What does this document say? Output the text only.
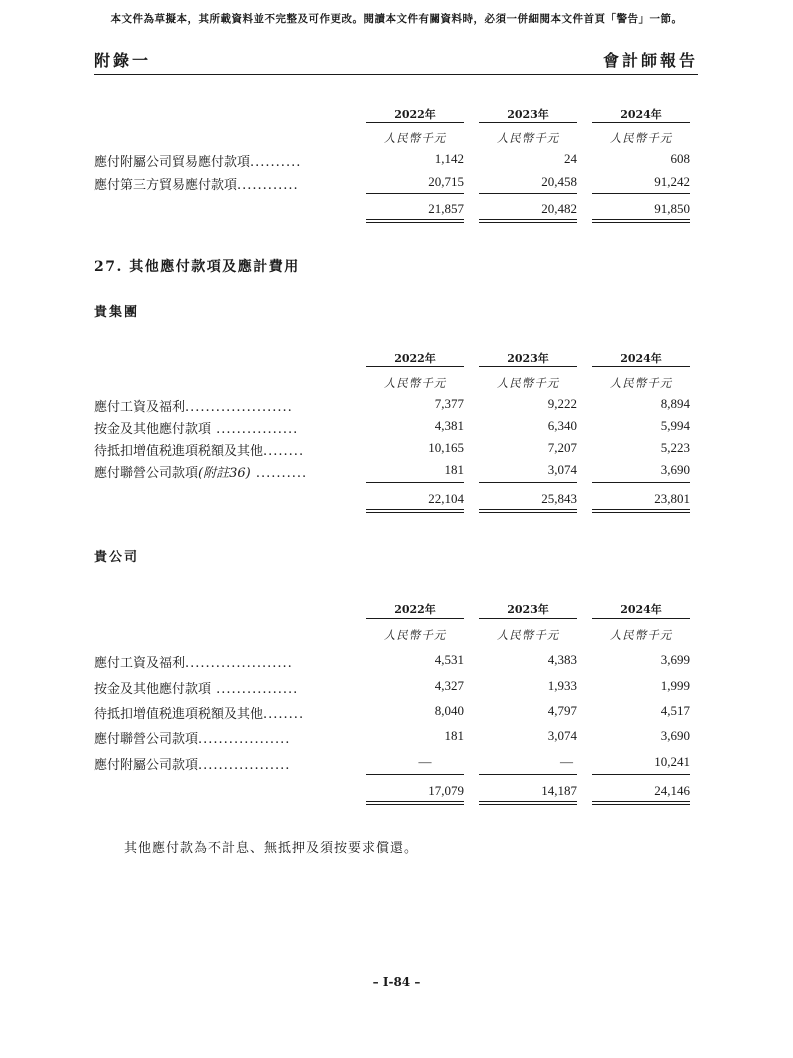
本文件為草擬本，其所載資料並不完整及可作更改。閱讀本文件有關資料時，必須一併細閱本文件首頁「警告」一節。
附錄一	會計師報告
2022年	2023年	2024年
人民幣千元	人民幣千元	人民幣千元
應付附屬公司貿易應付款項..........	1,142	24	608
應付第三方貿易應付款項............	20,715	20,458	91,242
21,857	20,482	91,850
27. 其他應付款項及應計費用
貴集團
2022年	2023年	2024年
人民幣千元	人民幣千元	人民幣千元
應付工資及福利.....................	7,377	9,222	8,894
按金及其他應付款項 ................	4,381	6,340	5,994
待抵扣增值税進項税額及其他........	10,165	7,207	5,223
應付聯營公司款項(附註36) ..........	181	3,074	3,690
22,104	25,843	23,801
貴公司
2022年	2023年	2024年
人民幣千元	人民幣千元	人民幣千元
應付工資及福利.....................	4,531	4,383	3,699
按金及其他應付款項 ................	4,327	1,933	1,999
待抵扣增值税進項税額及其他........	8,040	4,797	4,517
應付聯營公司款項..................	181	3,074	3,690
應付附屬公司款項..................	—	—	10,241
17,079	14,187	24,146
其他應付款為不計息、無抵押及須按要求償還。
– I-84 –
